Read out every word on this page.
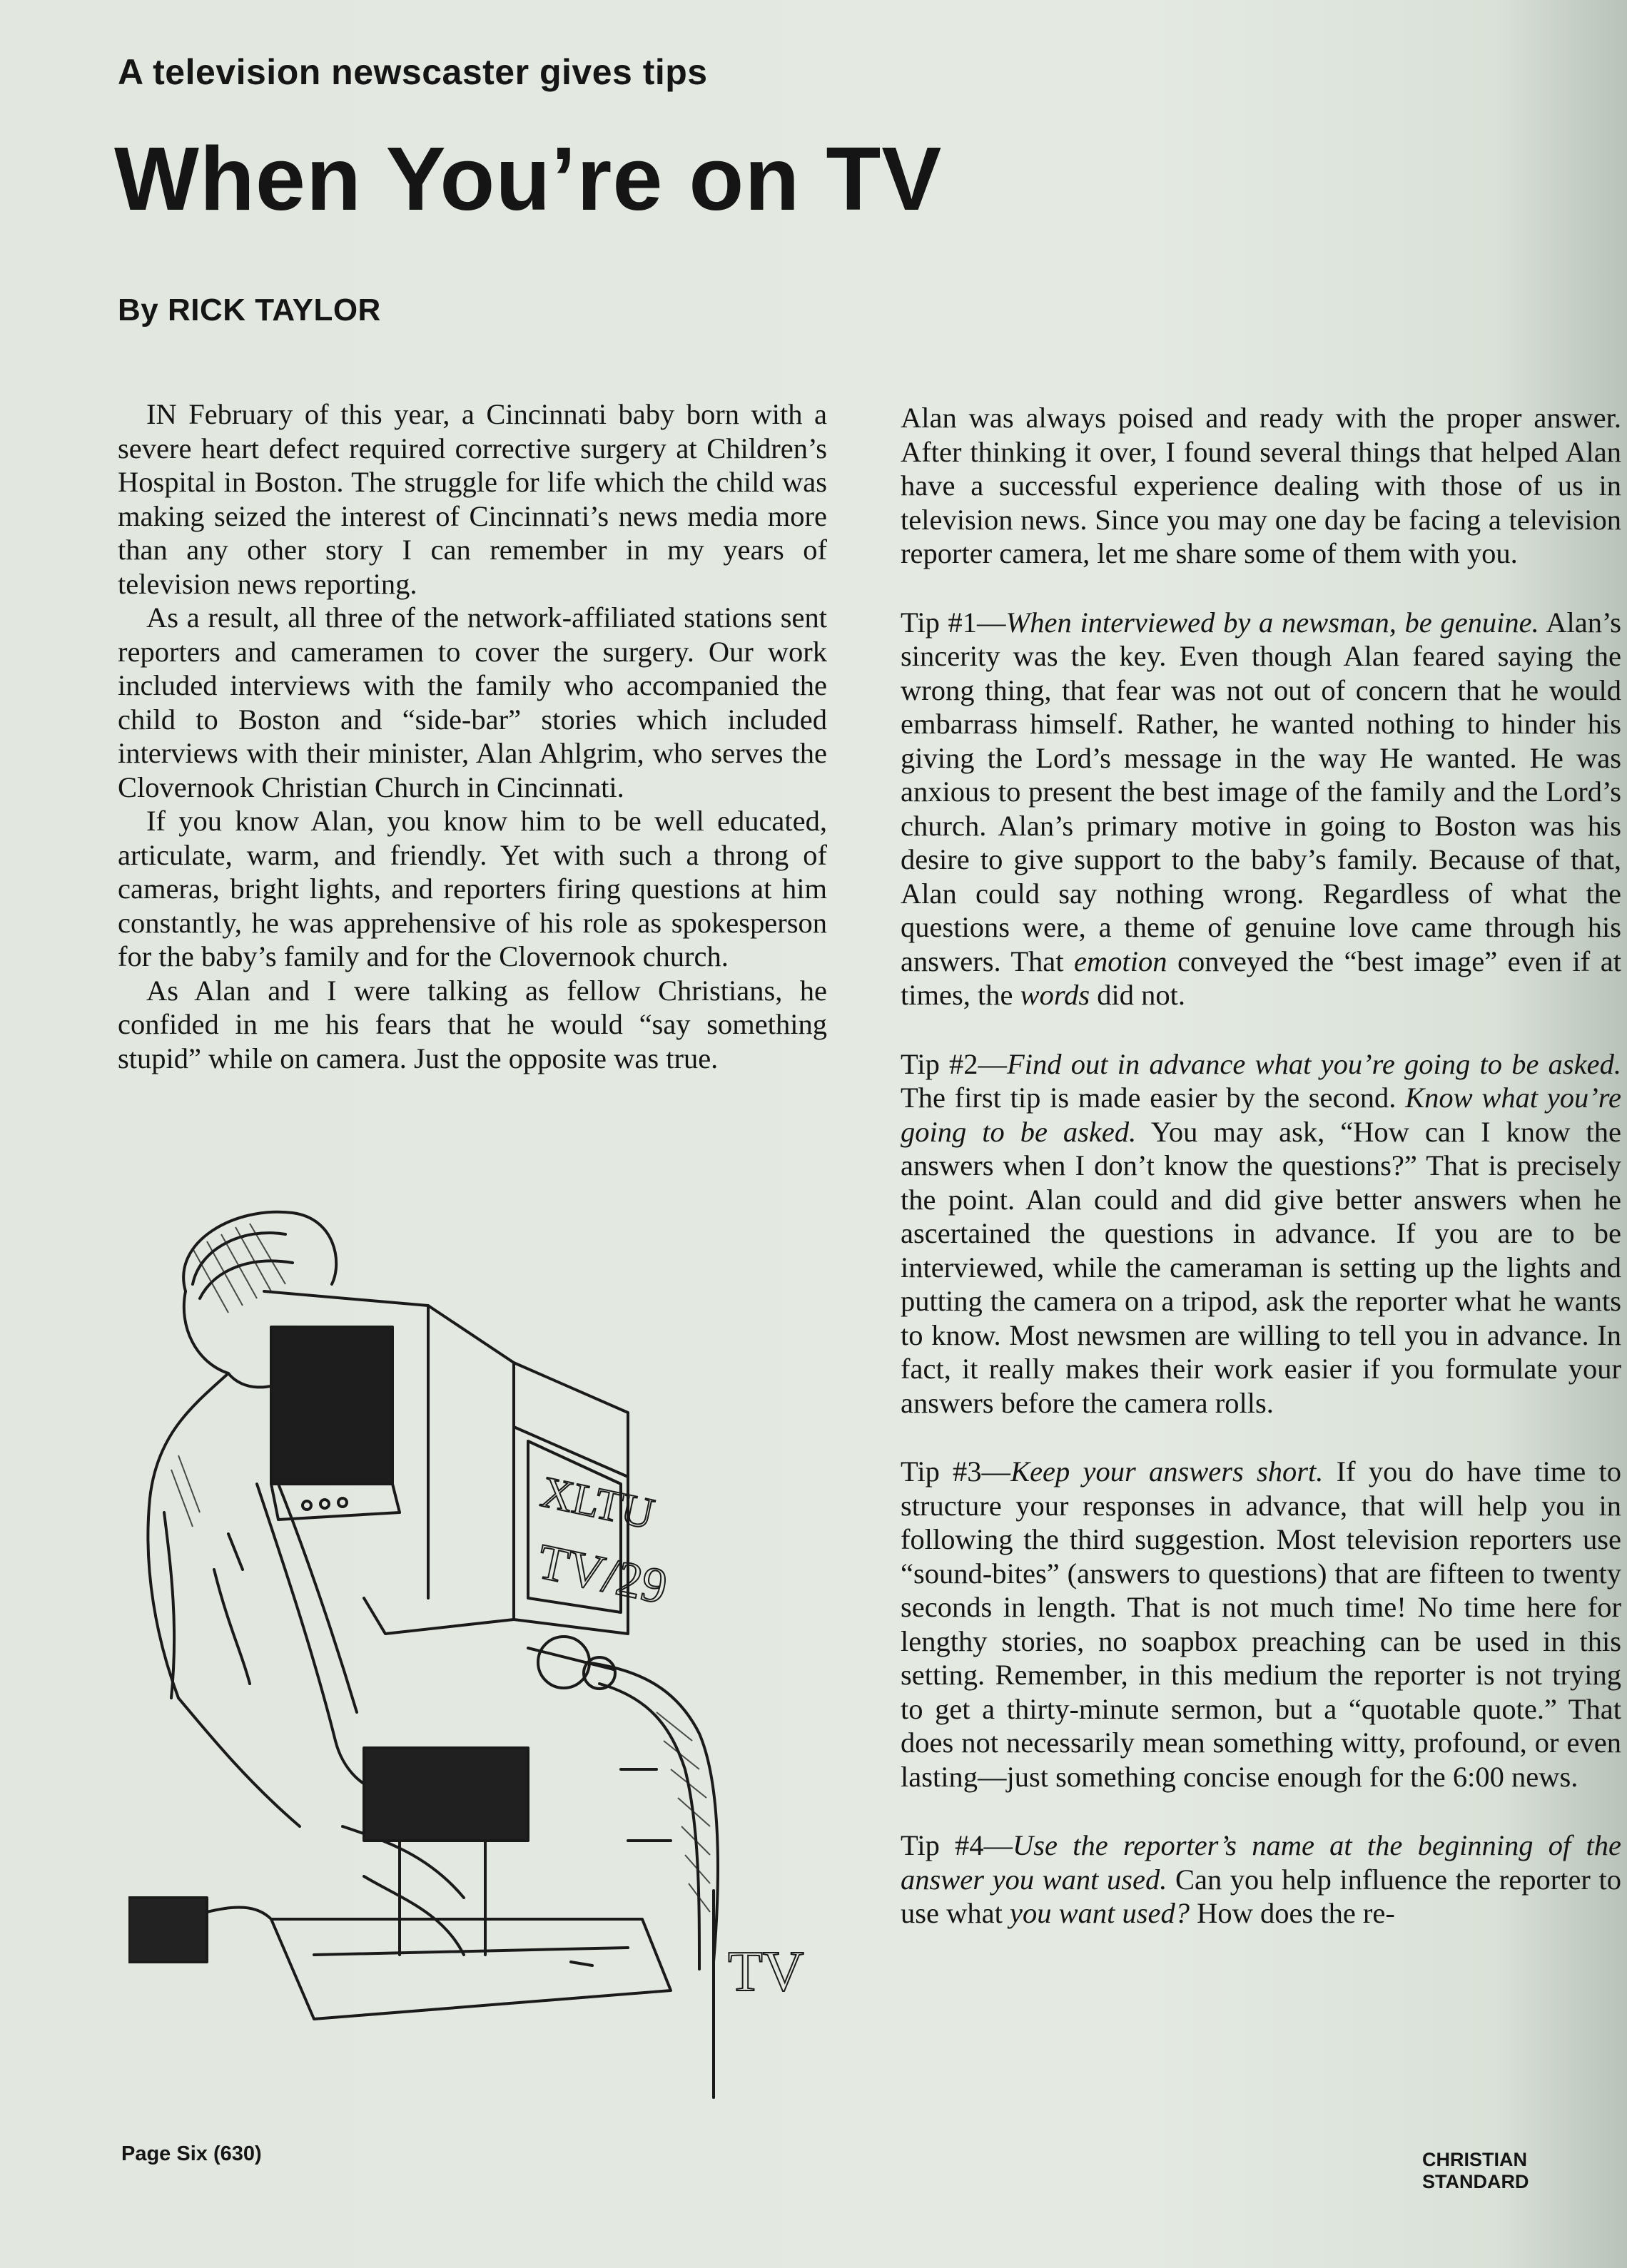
A television newscaster gives tips
When You’re on TV
By RICK TAYLOR

IN February of this year, a Cincinnati baby born with a severe heart defect required corrective surgery at Children’s Hospital in Boston. The struggle for life which the child was making seized the interest of Cincinnati’s news media more than any other story I can remember in my years of television news reporting.

As a result, all three of the network-affiliated stations sent reporters and cameramen to cover the surgery. Our work included interviews with the family who accompanied the child to Boston and “side-bar” stories which included interviews with their minister, Alan Ahlgrim, who serves the Clovernook Christian Church in Cincinnati.

If you know Alan, you know him to be well educated, articulate, warm, and friendly. Yet with such a throng of cameras, bright lights, and reporters firing questions at him constantly, he was apprehensive of his role as spokesperson for the baby’s family and for the Clovernook church.

As Alan and I were talking as fellow Christians, he confided in me his fears that he would “say something stupid” while on camera. Just the opposite was true.

XLTU
TV/29
TV

Alan was always poised and ready with the proper answer. After thinking it over, I found several things that helped Alan have a successful experience dealing with those of us in television news. Since you may one day be facing a television reporter camera, let me share some of them with you.

Tip #1—When interviewed by a newsman, be genuine. Alan’s sincerity was the key. Even though Alan feared saying the wrong thing, that fear was not out of concern that he would embarrass himself. Rather, he wanted nothing to hinder his giving the Lord’s message in the way He wanted. He was anxious to present the best image of the family and the Lord’s church. Alan’s primary motive in going to Boston was his desire to give support to the baby’s family. Because of that, Alan could say nothing wrong. Regardless of what the questions were, a theme of genuine love came through his answers. That emotion conveyed the “best image” even if at times, the words did not.

Tip #2—Find out in advance what you’re going to be asked. The first tip is made easier by the second. Know what you’re going to be asked. You may ask, “How can I know the answers when I don’t know the questions?” That is precisely the point. Alan could and did give better answers when he ascertained the questions in advance. If you are to be interviewed, while the cameraman is setting up the lights and putting the camera on a tripod, ask the reporter what he wants to know. Most newsmen are willing to tell you in advance. In fact, it really makes their work easier if you formulate your answers before the camera rolls.

Tip #3—Keep your answers short. If you do have time to structure your responses in advance, that will help you in following the third suggestion. Most television reporters use “sound-bites” (answers to questions) that are fifteen to twenty seconds in length. That is not much time! No time here for lengthy stories, no soapbox preaching can be used in this setting. Remember, in this medium the reporter is not trying to get a thirty-minute sermon, but a “quotable quote.” That does not necessarily mean something witty, profound, or even lasting—just something concise enough for the 6:00 news.

Tip #4—Use the reporter’s name at the beginning of the answer you want used. Can you help influence the reporter to use what you want used? How does the re-

Page Six (630)	CHRISTIAN STANDARD
